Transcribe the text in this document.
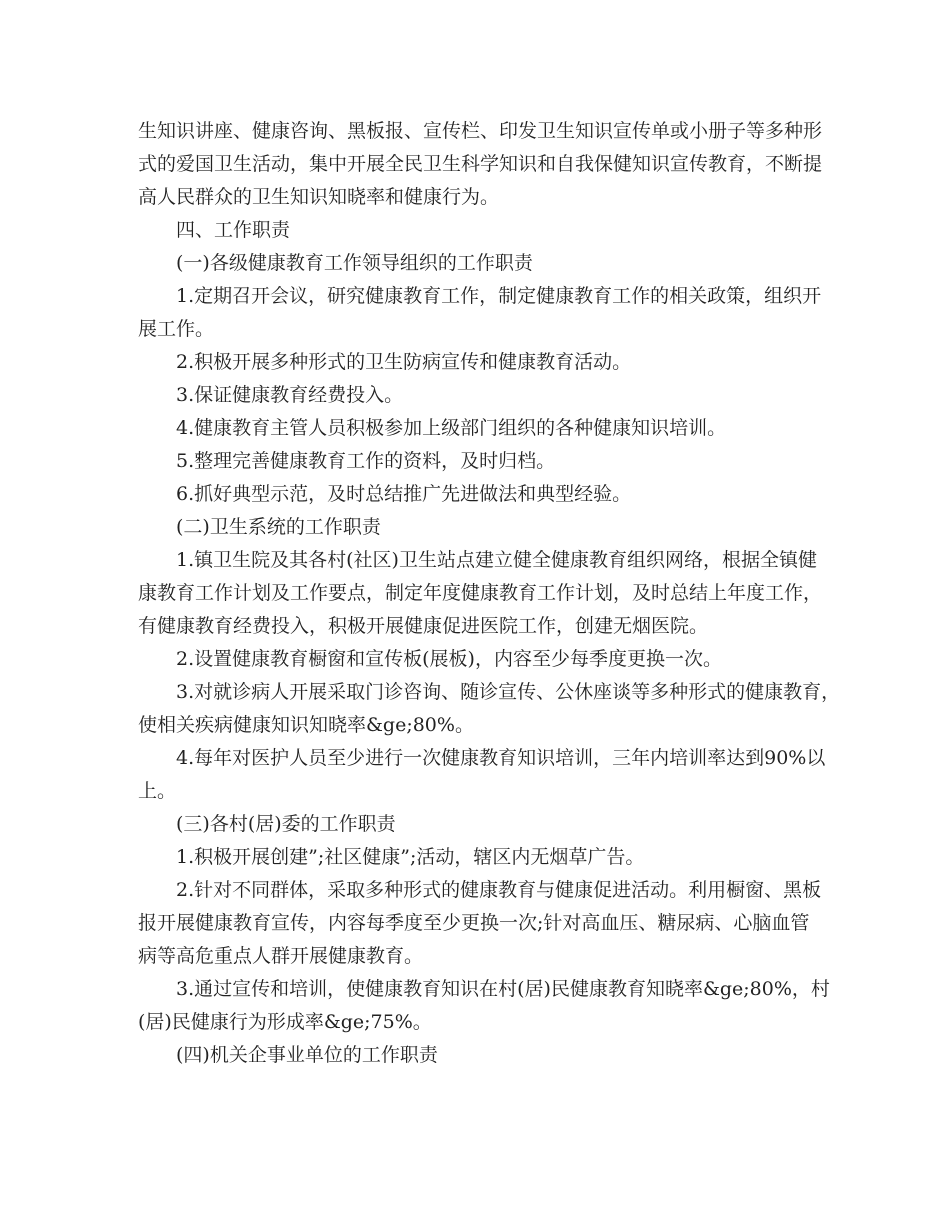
生知识讲座、健康咨询、黑板报、宣传栏、印发卫生知识宣传单或小册子等多种形
式的爱国卫生活动，集中开展全民卫生科学知识和自我保健知识宣传教育，不断提
高人民群众的卫生知识知晓率和健康行为。
四、工作职责
(一)各级健康教育工作领导组织的工作职责
1.定期召开会议，研究健康教育工作，制定健康教育工作的相关政策，组织开
展工作。
2.积极开展多种形式的卫生防病宣传和健康教育活动。
3.保证健康教育经费投入。
4.健康教育主管人员积极参加上级部门组织的各种健康知识培训。
5.整理完善健康教育工作的资料，及时归档。
6.抓好典型示范，及时总结推广先进做法和典型经验。
(二)卫生系统的工作职责
1.镇卫生院及其各村(社区)卫生站点建立健全健康教育组织网络，根据全镇健
康教育工作计划及工作要点，制定年度健康教育工作计划，及时总结上年度工作，
有健康教育经费投入，积极开展健康促进医院工作，创建无烟医院。
2.设置健康教育橱窗和宣传板(展板)，内容至少每季度更换一次。
3.对就诊病人开展采取门诊咨询、随诊宣传、公休座谈等多种形式的健康教育，
使相关疾病健康知识知晓率&ge;80%。
4.每年对医护人员至少进行一次健康教育知识培训，三年内培训率达到90%以
上。
(三)各村(居)委的工作职责
1.积极开展创建”;社区健康”;活动，辖区内无烟草广告。
2.针对不同群体，采取多种形式的健康教育与健康促进活动。利用橱窗、黑板
报开展健康教育宣传，内容每季度至少更换一次;针对高血压、糖尿病、心脑血管
病等高危重点人群开展健康教育。
3.通过宣传和培训，使健康教育知识在村(居)民健康教育知晓率&ge;80%，村
(居)民健康行为形成率&ge;75%。
(四)机关企事业单位的工作职责
